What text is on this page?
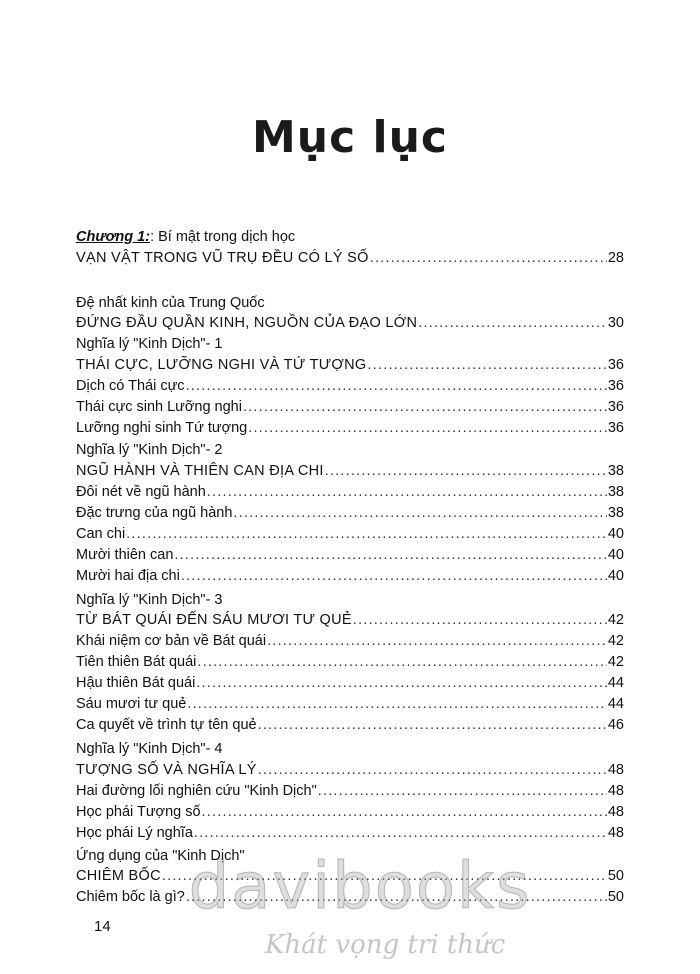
Mục lục
Chương 1:: Bí mật trong dịch học
VẠN VẬT TRONG VŨ TRỤ ĐỀU CÓ LÝ SỐ .....	28
Đệ nhất kinh của Trung Quốc
ĐỨNG ĐẦU QUẦN KINH, NGUỒN CỦA ĐẠO LỚN .....	30
Nghĩa lý "Kinh Dịch"- 1
THÁI CỰC, LƯỠNG NGHI VÀ TỨ TƯỢNG .....	36
Dịch có Thái cực .....	36
Thái cực sinh Lưỡng nghi .....	36
Lưỡng nghi sinh Tứ tượng .....	36
Nghĩa lý "Kinh Dịch"- 2
NGŨ HÀNH VÀ THIÊN CAN ĐỊA CHI .....	38
Đôi nét về ngũ hành .....	38
Đặc trưng của ngũ hành .....	38
Can chi .....	40
Mười thiên can .....	40
Mười hai địa chi .....	40
Nghĩa lý "Kinh Dịch"- 3
TỪ BÁT QUÁI ĐẾN SÁU MƯƠI TƯ QUẺ .....	42
Khái niệm cơ bản về Bát quái .....	42
Tiên thiên Bát quái .....	42
Hậu thiên Bát quái .....	44
Sáu mươi tư quẻ .....	44
Ca quyết về trình tự tên quẻ .....	46
Nghĩa lý "Kinh Dịch"- 4
TƯỢNG SỐ VÀ NGHĨA LÝ .....	48
Hai đường lối nghiên cứu "Kinh Dịch" .....	48
Học phái Tượng số .....	48
Học phái Lý nghĩa .....	48
Ứng dụng của "Kinh Dịch"
CHIÊM BỐC .....	50
Chiêm bốc là gì? .....	50
14
davibooks
Khát vọng tri thức
